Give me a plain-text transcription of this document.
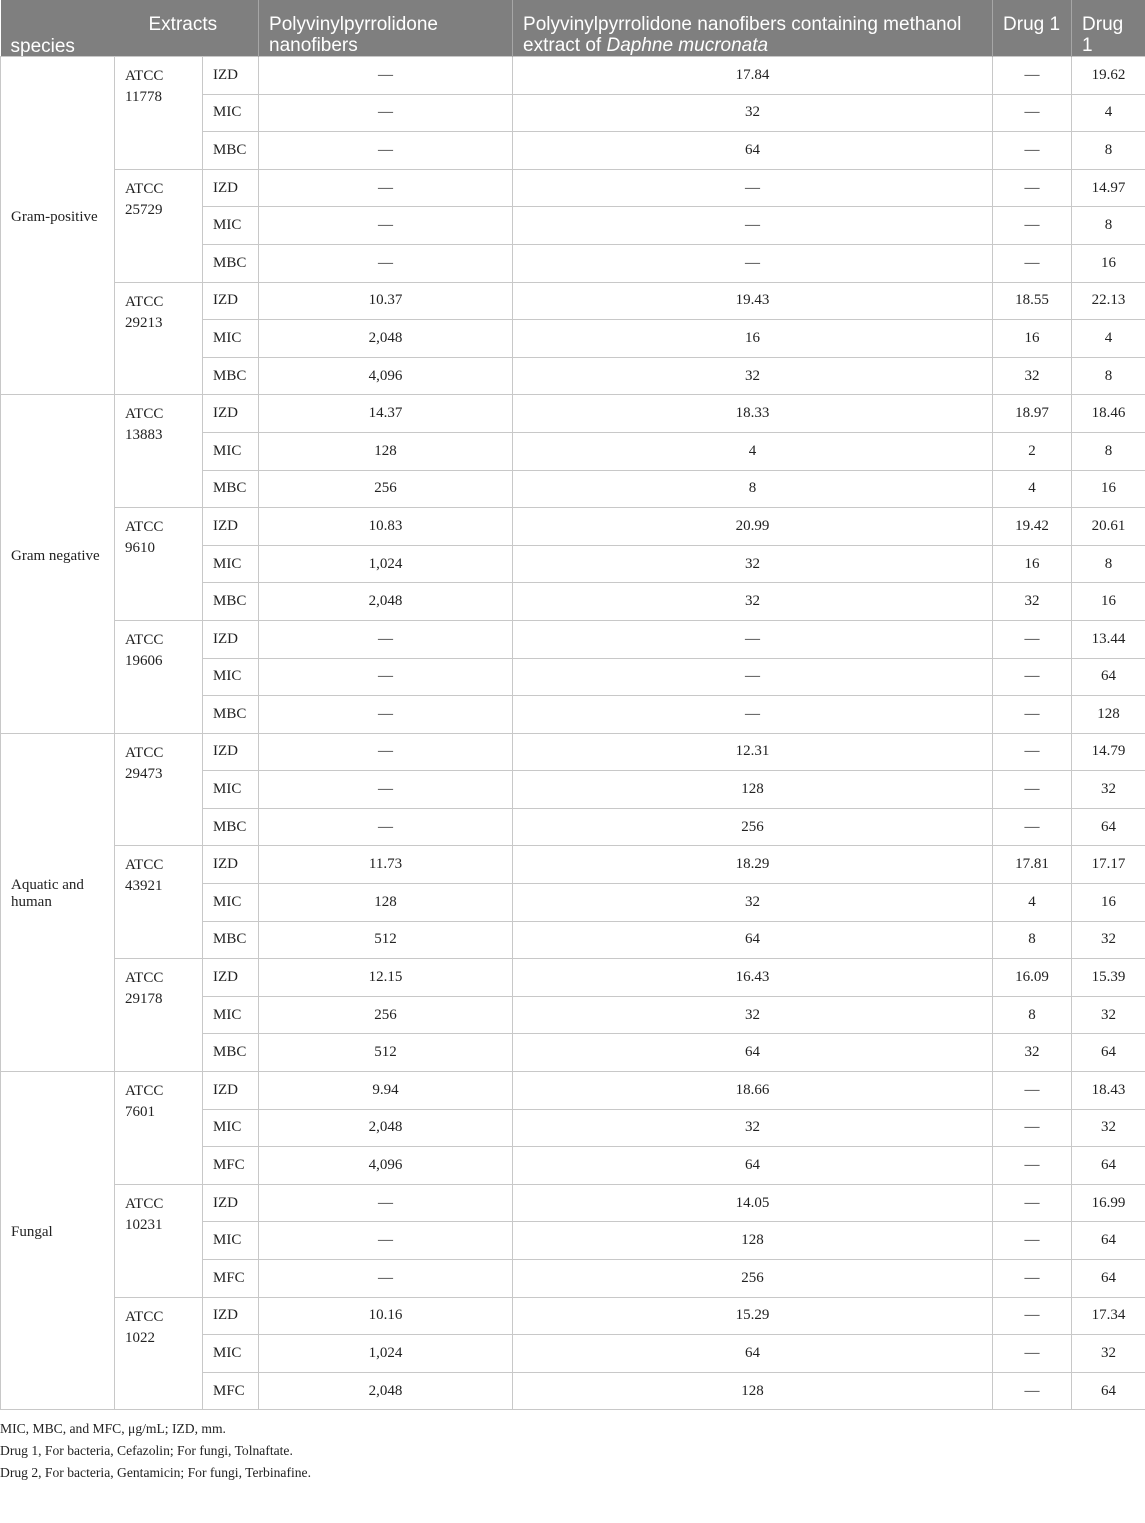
Extracts
species			Polyvinylpyrrolidone nanofibers	Polyvinylpyrrolidone nanofibers containing methanol extract of Daphne mucronata	Drug 1	Drug 1
Gram-positive	ATCC 11778	IZD	—	17.84	—	19.62
		MIC	—	32	—	4
		MBC	—	64	—	8
	ATCC 25729	IZD	—	—	—	14.97
		MIC	—	—	—	8
		MBC	—	—	—	16
	ATCC 29213	IZD	10.37	19.43	18.55	22.13
		MIC	2,048	16	16	4
		MBC	4,096	32	32	8
Gram negative	ATCC 13883	IZD	14.37	18.33	18.97	18.46
		MIC	128	4	2	8
		MBC	256	8	4	16
	ATCC 9610	IZD	10.83	20.99	19.42	20.61
		MIC	1,024	32	16	8
		MBC	2,048	32	32	16
	ATCC 19606	IZD	—	—	—	13.44
		MIC	—	—	—	64
		MBC	—	—	—	128
Aquatic and human	ATCC 29473	IZD	—	12.31	—	14.79
		MIC	—	128	—	32
		MBC	—	256	—	64
	ATCC 43921	IZD	11.73	18.29	17.81	17.17
		MIC	128	32	4	16
		MBC	512	64	8	32
	ATCC 29178	IZD	12.15	16.43	16.09	15.39
		MIC	256	32	8	32
		MBC	512	64	32	64
Fungal	ATCC 7601	IZD	9.94	18.66	—	18.43
		MIC	2,048	32	—	32
		MFC	4,096	64	—	64
	ATCC 10231	IZD	—	14.05	—	16.99
		MIC	—	128	—	64
		MFC	—	256	—	64
	ATCC 1022	IZD	10.16	15.29	—	17.34
		MIC	1,024	64	—	32
		MFC	2,048	128	—	64
MIC, MBC, and MFC, μg/mL; IZD, mm.
Drug 1, For bacteria, Cefazolin; For fungi, Tolnaftate.
Drug 2, For bacteria, Gentamicin; For fungi, Terbinafine.
